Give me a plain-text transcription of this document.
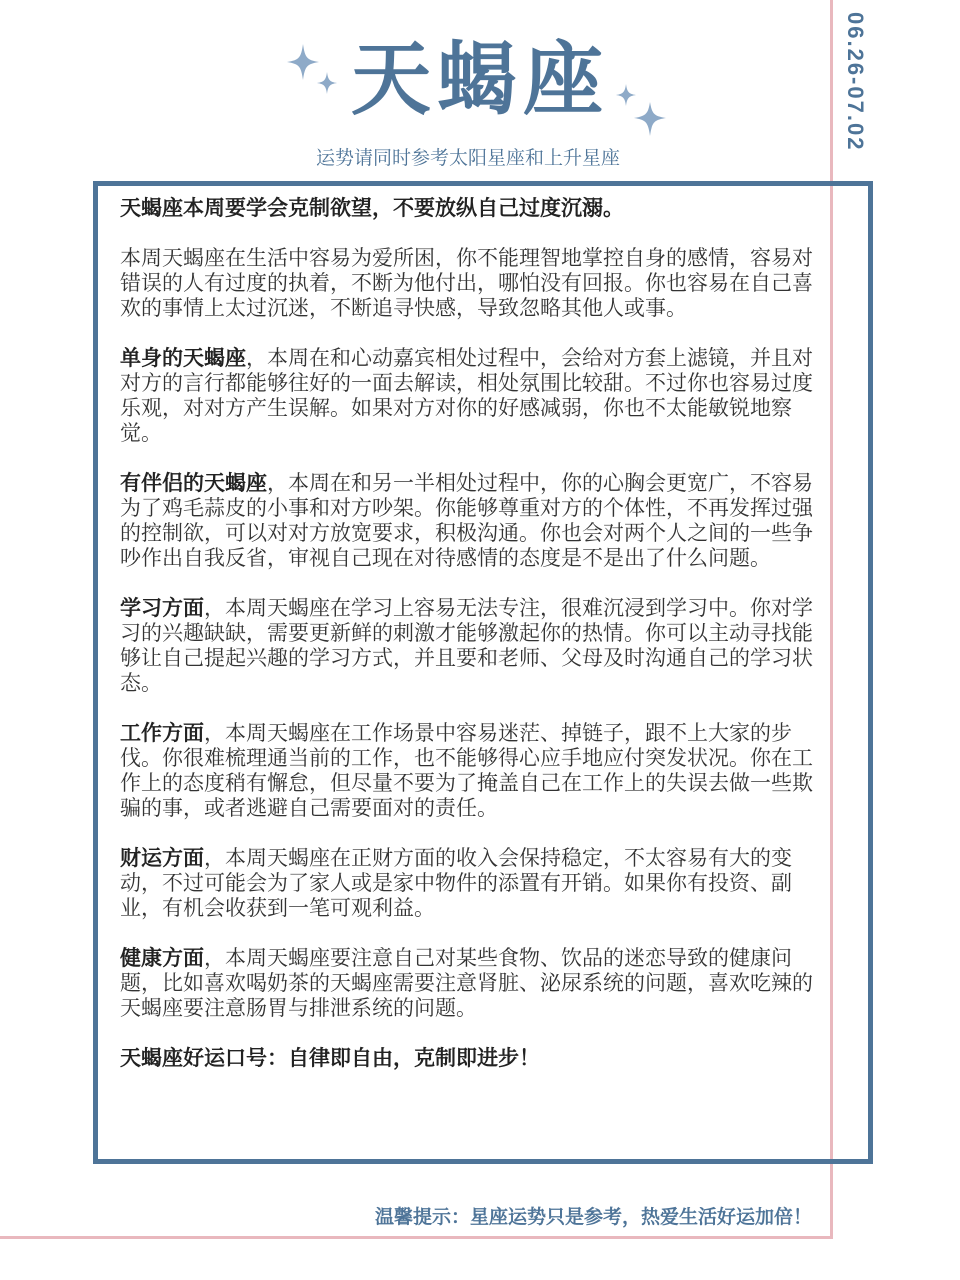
天蝎座
运势请同时参考太阳星座和上升星座
06.26-07.02

天蝎座本周要学会克制欲望，不要放纵自己过度沉溺。

本周天蝎座在生活中容易为爱所困，你不能理智地掌控自身的感情，容易对错误的人有过度的执着，不断为他付出，哪怕没有回报。你也容易在自己喜欢的事情上太过沉迷，不断追寻快感，导致忽略其他人或事。

单身的天蝎座，本周在和心动嘉宾相处过程中，会给对方套上滤镜，并且对对方的言行都能够往好的一面去解读，相处氛围比较甜。不过你也容易过度乐观，对对方产生误解。如果对方对你的好感减弱，你也不太能敏锐地察觉。

有伴侣的天蝎座，本周在和另一半相处过程中，你的心胸会更宽广，不容易为了鸡毛蒜皮的小事和对方吵架。你能够尊重对方的个体性，不再发挥过强的控制欲，可以对对方放宽要求，积极沟通。你也会对两个人之间的一些争吵作出自我反省，审视自己现在对待感情的态度是不是出了什么问题。

学习方面，本周天蝎座在学习上容易无法专注，很难沉浸到学习中。你对学习的兴趣缺缺，需要更新鲜的刺激才能够激起你的热情。你可以主动寻找能够让自己提起兴趣的学习方式，并且要和老师、父母及时沟通自己的学习状态。

工作方面，本周天蝎座在工作场景中容易迷茫、掉链子，跟不上大家的步伐。你很难梳理通当前的工作，也不能够得心应手地应付突发状况。你在工作上的态度稍有懈怠，但尽量不要为了掩盖自己在工作上的失误去做一些欺骗的事，或者逃避自己需要面对的责任。

财运方面，本周天蝎座在正财方面的收入会保持稳定，不太容易有大的变动，不过可能会为了家人或是家中物件的添置有开销。如果你有投资、副业，有机会收获到一笔可观利益。

健康方面，本周天蝎座要注意自己对某些食物、饮品的迷恋导致的健康问题，比如喜欢喝奶茶的天蝎座需要注意肾脏、泌尿系统的问题，喜欢吃辣的天蝎座要注意肠胃与排泄系统的问题。

天蝎座好运口号：自律即自由，克制即进步！

温馨提示：星座运势只是参考，热爱生活好运加倍！
